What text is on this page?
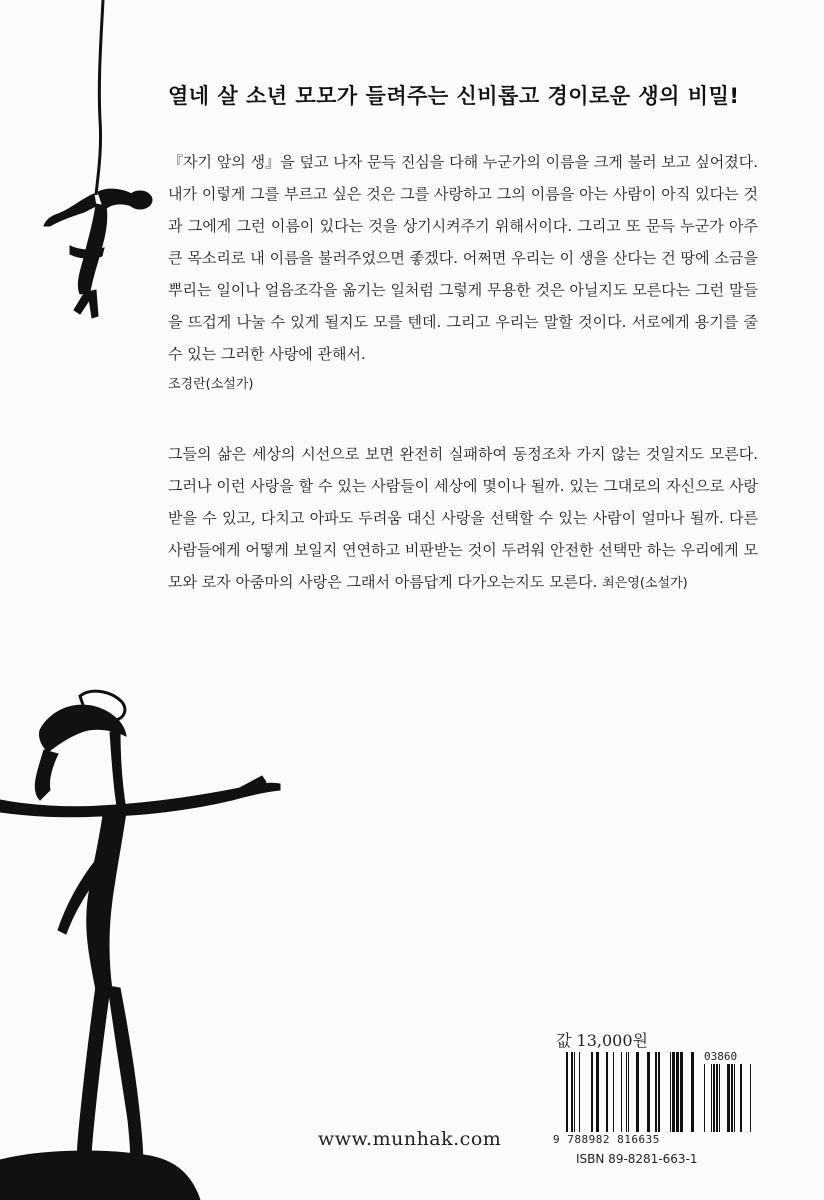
열네 살 소년 모모가 들려주는 신비롭고 경이로운 생의 비밀!

『자기 앞의 생』을 덮고 나자 문득 진심을 다해 누군가의 이름을 크게 불러 보고 싶어졌다. 내가 이렇게 그를 부르고 싶은 것은 그를 사랑하고 그의 이름을 아는 사람이 아직 있다는 것과 그에게 그런 이름이 있다는 것을 상기시켜주기 위해서이다. 그리고 또 문득 누군가 아주 큰 목소리로 내 이름을 불러주었으면 좋겠다. 어쩌면 우리는 이 생을 산다는 건 땅에 소금을 뿌리는 일이나 얼음조각을 옮기는 일처럼 그렇게 무용한 것은 아닐지도 모른다는 그런 말들을 뜨겁게 나눌 수 있게 될지도 모를 텐데. 그리고 우리는 말할 것이다. 서로에게 용기를 줄 수 있는 그러한 사랑에 관해서.
조경란(소설가)

그들의 삶은 세상의 시선으로 보면 완전히 실패하여 동정조차 가지 않는 것일지도 모른다. 그러나 이런 사랑을 할 수 있는 사람들이 세상에 몇이나 될까. 있는 그대로의 자신으로 사랑받을 수 있고, 다치고 아파도 두려움 대신 사랑을 선택할 수 있는 사람이 얼마나 될까. 다른 사람들에게 어떻게 보일지 연연하고 비판받는 것이 두려워 안전한 선택만 하는 우리에게 모모와 로자 아줌마의 사랑은 그래서 아름답게 다가오는지도 모른다. 최은영(소설가)

값 13,000원
03860
9 788982 816635
ISBN 89-8281-663-1
www.munhak.com
